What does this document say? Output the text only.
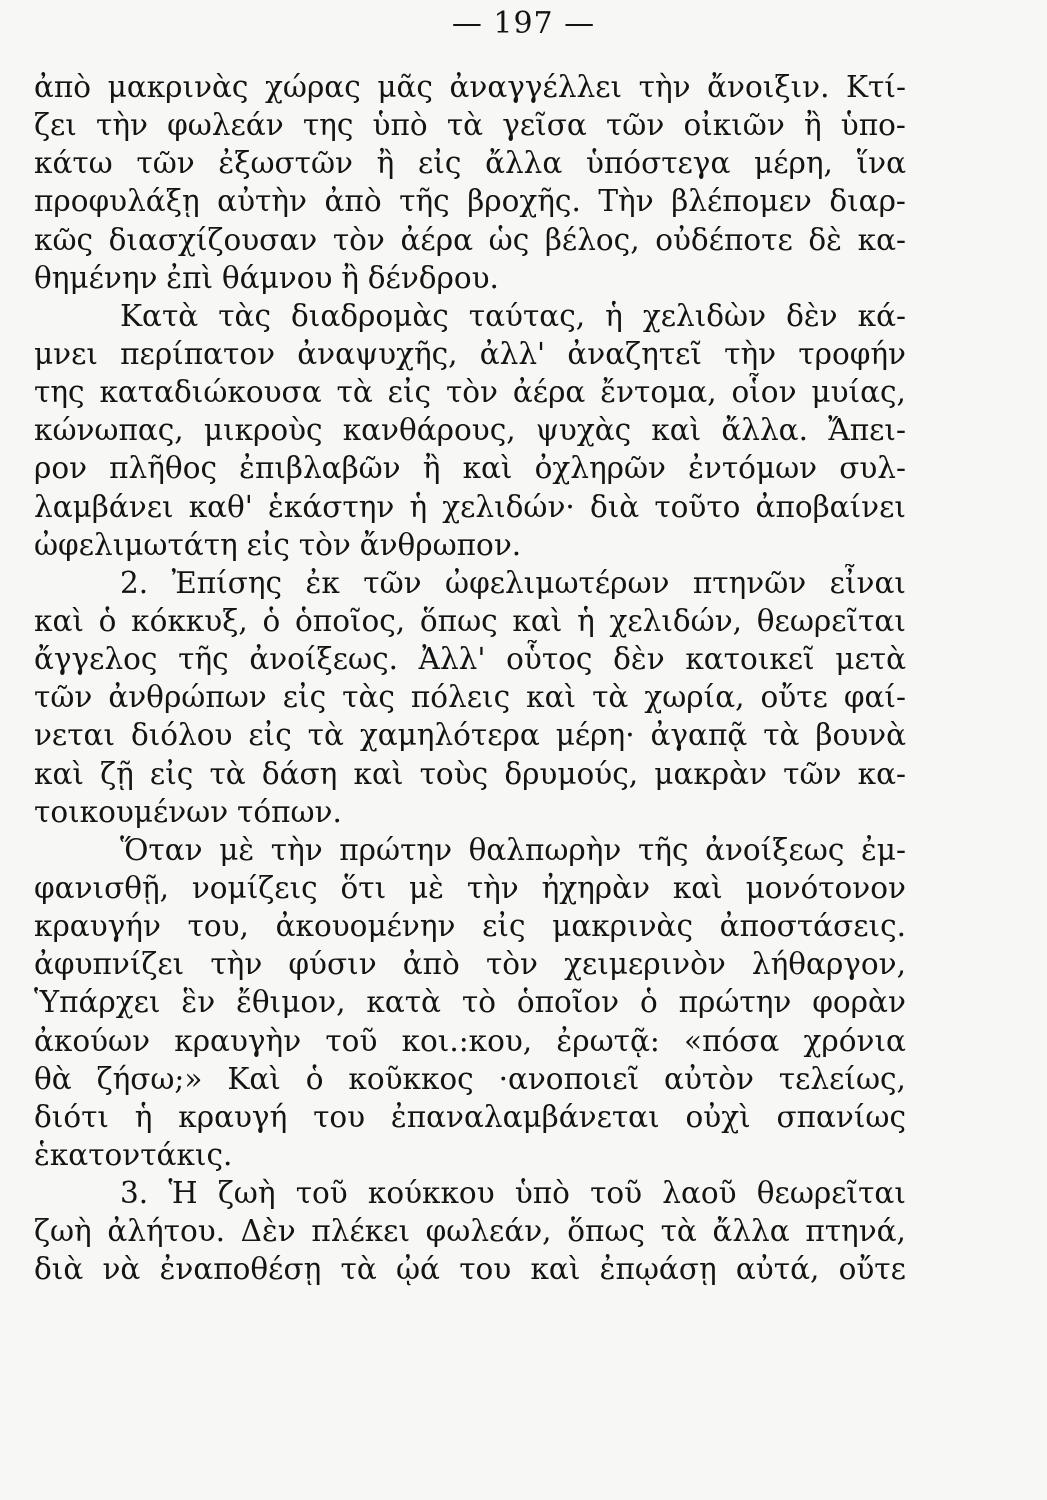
— 197 —
ἀπὸ μακρινὰς χώρας μᾶς ἀναγγέλλει τὴν ἄνοιξιν. Κτί-
ζει τὴν φωλεάν της ὑπὸ τὰ γεῖσα τῶν οἰκιῶν ἢ ὑπο-
κάτω τῶν ἐξωστῶν ἢ εἰς ἄλλα ὑπόστεγα μέρη, ἵνα
προφυλάξῃ αὐτὴν ἀπὸ τῆς βροχῆς. Τὴν βλέπομεν διαρ-
κῶς διασχίζουσαν τὸν ἀέρα ὡς βέλος, οὐδέποτε δὲ κα-
θημένην ἐπὶ θάμνου ἢ δένδρου.
Κατὰ τὰς διαδρομὰς ταύτας, ἡ χελιδὼν δὲν κά-
μνει περίπατον ἀναψυχῆς, ἀλλ' ἀναζητεῖ τὴν τροφήν
της καταδιώκουσα τὰ εἰς τὸν ἀέρα ἔντομα, οἷον μυίας,
κώνωπας, μικροὺς κανθάρους, ψυχὰς καὶ ἄλλα. Ἄπει-
ρον πλῆθος ἐπιβλαβῶν ἢ καὶ ὀχληρῶν ἐντόμων συλ-
λαμβάνει καθ' ἑκάστην ἡ χελιδών· διὰ τοῦτο ἀποβαίνει
ὠφελιμωτάτη εἰς τὸν ἄνθρωπον.
2. Ἐπίσης ἐκ τῶν ὠφελιμωτέρων πτηνῶν εἶναι
καὶ ὁ κόκκυξ, ὁ ὁποῖος, ὅπως καὶ ἡ χελιδών, θεωρεῖται
ἄγγελος τῆς ἀνοίξεως. Ἀλλ' οὗτος δὲν κατοικεῖ μετὰ
τῶν ἀνθρώπων εἰς τὰς πόλεις καὶ τὰ χωρία, οὔτε φαί-
νεται διόλου εἰς τὰ χαμηλότερα μέρη· ἀγαπᾷ τὰ βουνὰ
καὶ ζῇ εἰς τὰ δάση καὶ τοὺς δρυμούς, μακρὰν τῶν κα-
τοικουμένων τόπων.
Ὅταν μὲ τὴν πρώτην θαλπωρὴν τῆς ἀνοίξεως ἐμ-
φανισθῇ, νομίζεις ὅτι μὲ τὴν ἠχηρὰν καὶ μονότονον
κραυγήν του, ἀκουομένην εἰς μακρινὰς ἀποστάσεις.
ἀφυπνίζει τὴν φύσιν ἀπὸ τὸν χειμερινὸν λήθαργον,
Ὑπάρχει ἓν ἔθιμον, κατὰ τὸ ὁποῖον ὁ πρώτην φορὰν
ἀκούων κραυγὴν τοῦ κοι.:κου, ἐρωτᾷ: «πόσα χρόνια
θὰ ζήσω;» Καὶ ὁ κοῦκκος ·ανοποιεῖ αὐτὸν τελείως,
διότι ἡ κραυγή του ἐπαναλαμβάνεται οὐχὶ σπανίως
ἑκατοντάκις.
3. Ἡ ζωὴ τοῦ κούκκου ὑπὸ τοῦ λαοῦ θεωρεῖται
ζωὴ ἀλήτου. Δὲν πλέκει φωλεάν, ὅπως τὰ ἄλλα πτηνά,
διὰ νὰ ἐναποθέσῃ τὰ ᾠά του καὶ ἐπῳάσῃ αὐτά, οὔτε
